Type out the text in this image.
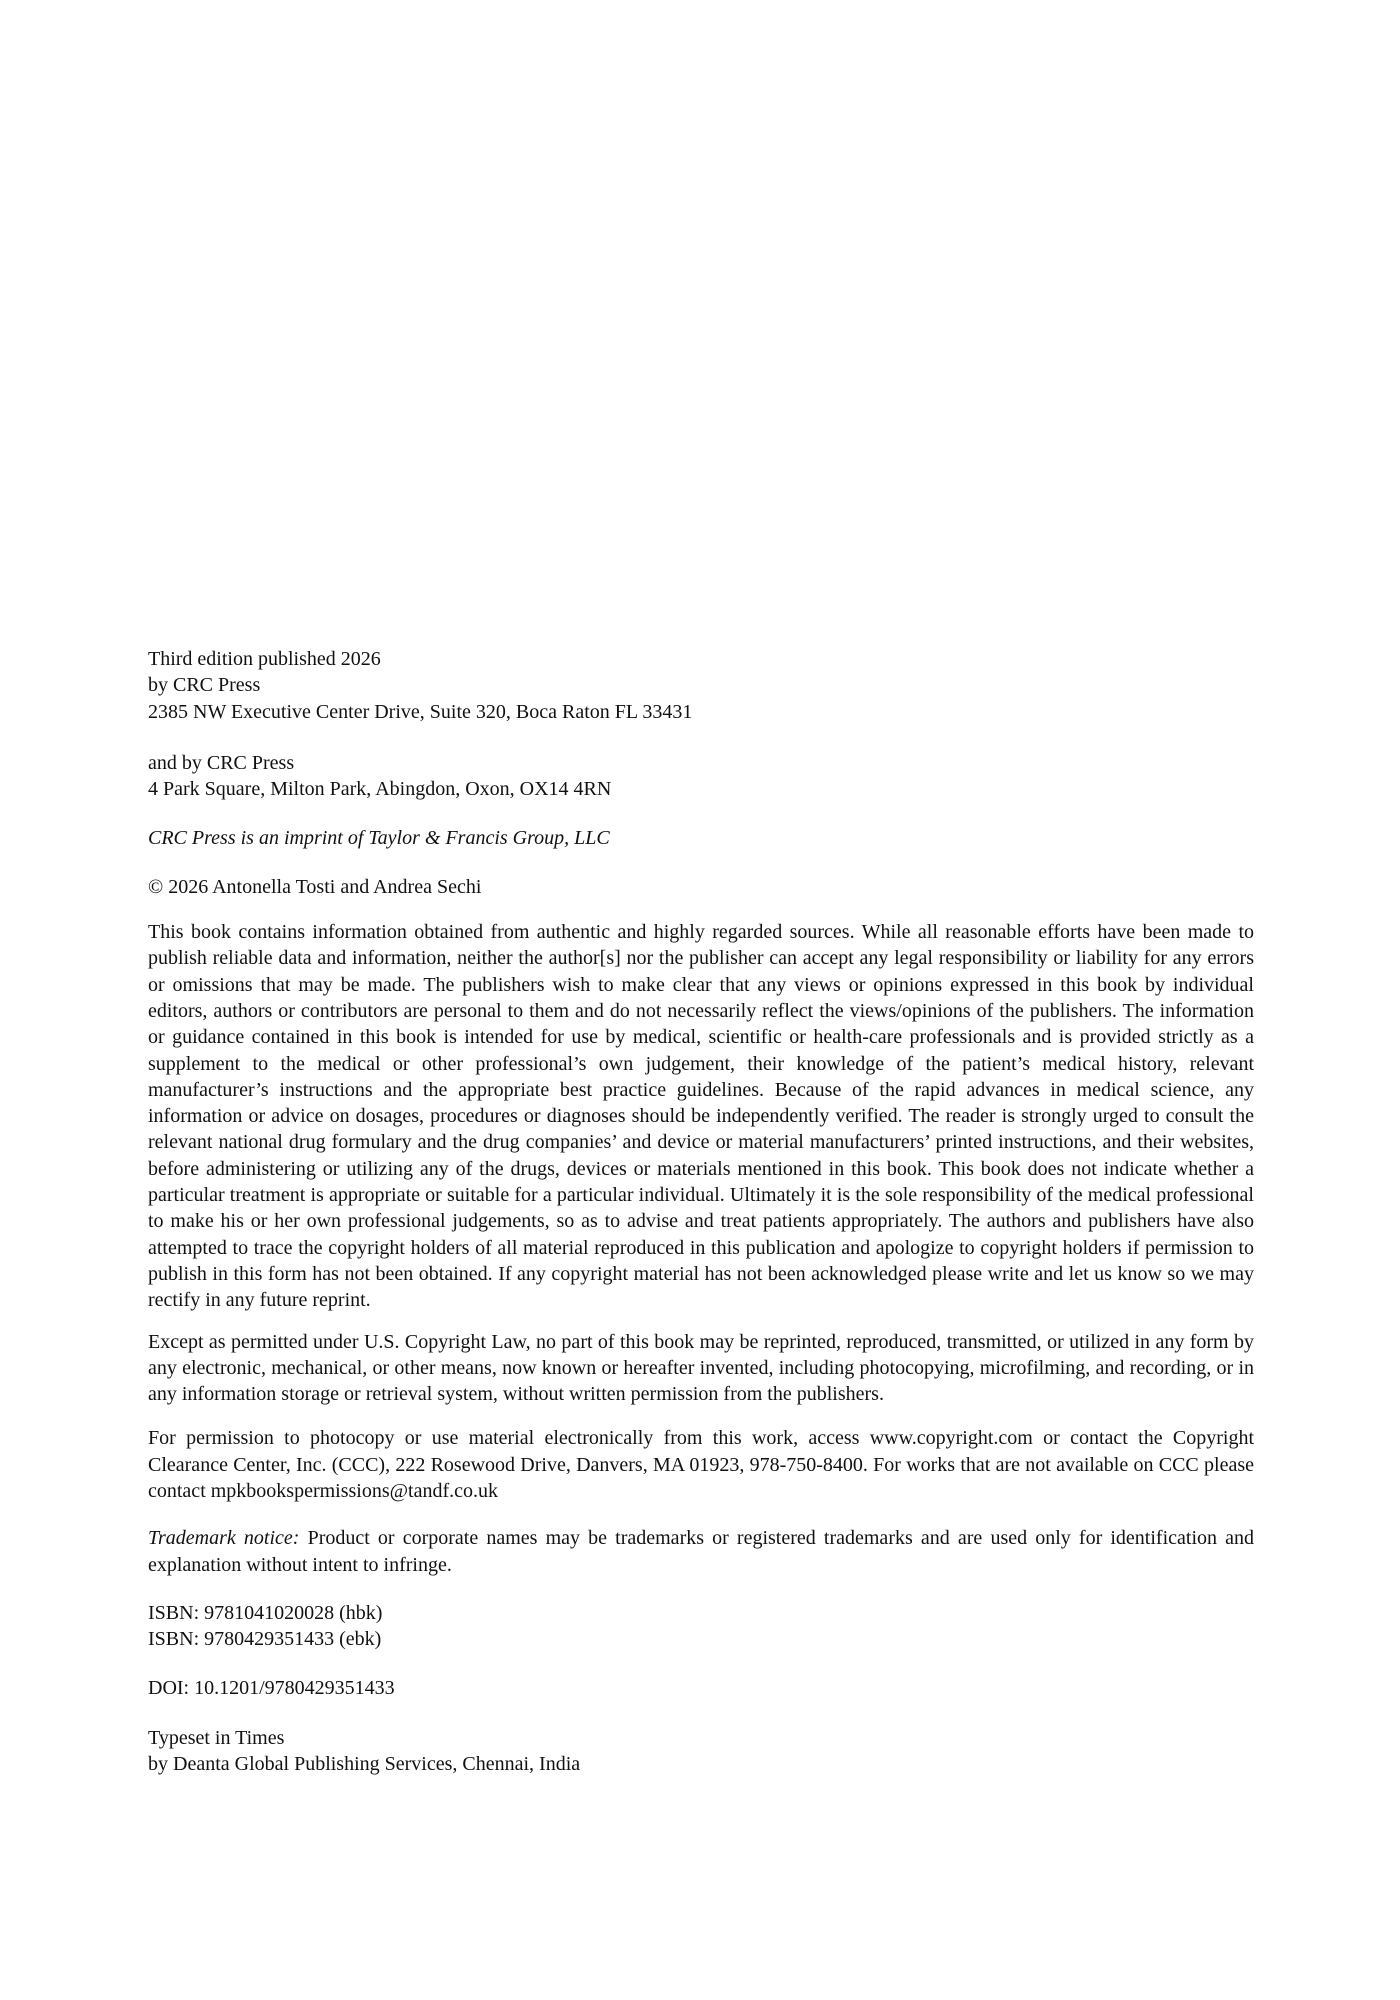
Third edition published 2026

by CRC Press

2385 NW Executive Center Drive, Suite 320, Boca Raton FL 33431

and by CRC Press

4 Park Square, Milton Park, Abingdon, Oxon, OX14 4RN

CRC Press is an imprint of Taylor & Francis Group, LLC

© 2026 Antonella Tosti and Andrea Sechi

This book contains information obtained from authentic and highly regarded sources. While all reasonable efforts have been made to publish reliable data and information, neither the author[s] nor the publisher can accept any legal responsibility or liability for any errors or omissions that may be made. The publishers wish to make clear that any views or opinions expressed in this book by individual editors, authors or contributors are personal to them and do not necessarily reflect the views/opinions of the publishers. The information or guidance contained in this book is intended for use by medical, scientific or health-care professionals and is provided strictly as a supplement to the medical or other professional’s own judgement, their knowledge of the patient’s medical history, relevant manufacturer’s instructions and the appropriate best practice guidelines. Because of the rapid advances in medical science, any information or advice on dosages, procedures or diagnoses should be independently verified. The reader is strongly urged to consult the relevant national drug formulary and the drug companies’ and device or material manufacturers’ printed instructions, and their websites, before administering or utilizing any of the drugs, devices or materials mentioned in this book. This book does not indicate whether a particular treatment is appropriate or suitable for a particular individual. Ultimately it is the sole responsibility of the medical professional to make his or her own professional judgements, so as to advise and treat patients appropriately. The authors and publishers have also attempted to trace the copyright holders of all material reproduced in this publication and apologize to copyright holders if permission to publish in this form has not been obtained. If any copyright material has not been acknowledged please write and let us know so we may rectify in any future reprint.

Except as permitted under U.S. Copyright Law, no part of this book may be reprinted, reproduced, transmitted, or utilized in any form by any electronic, mechanical, or other means, now known or hereafter invented, including photocopying, microfilming, and recording, or in any information storage or retrieval system, without written permission from the publishers.

For permission to photocopy or use material electronically from this work, access www.copyright.com or contact the Copyright Clearance Center, Inc. (CCC), 222 Rosewood Drive, Danvers, MA 01923, 978-750-8400. For works that are not available on CCC please contact mpkbookspermissions@tandf.co.uk

Trademark notice: Product or corporate names may be trademarks or registered trademarks and are used only for identification and explanation without intent to infringe.

ISBN: 9781041020028 (hbk)

ISBN: 9780429351433 (ebk)

DOI: 10.1201/9780429351433

Typeset in Times

by Deanta Global Publishing Services, Chennai, India
